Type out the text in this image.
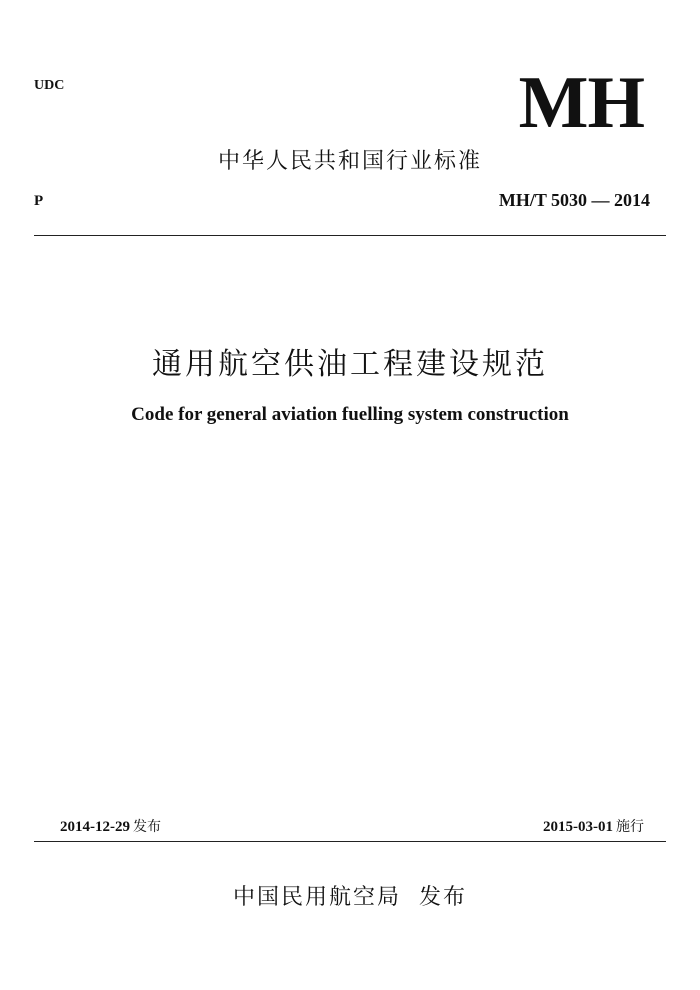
UDC	MH
中华人民共和国行业标准
P	MH/T 5030 — 2014
通用航空供油工程建设规范
Code for general aviation fuelling system construction
2014-12-29 发布	2015-03-01 施行
中国民用航空局 发布
